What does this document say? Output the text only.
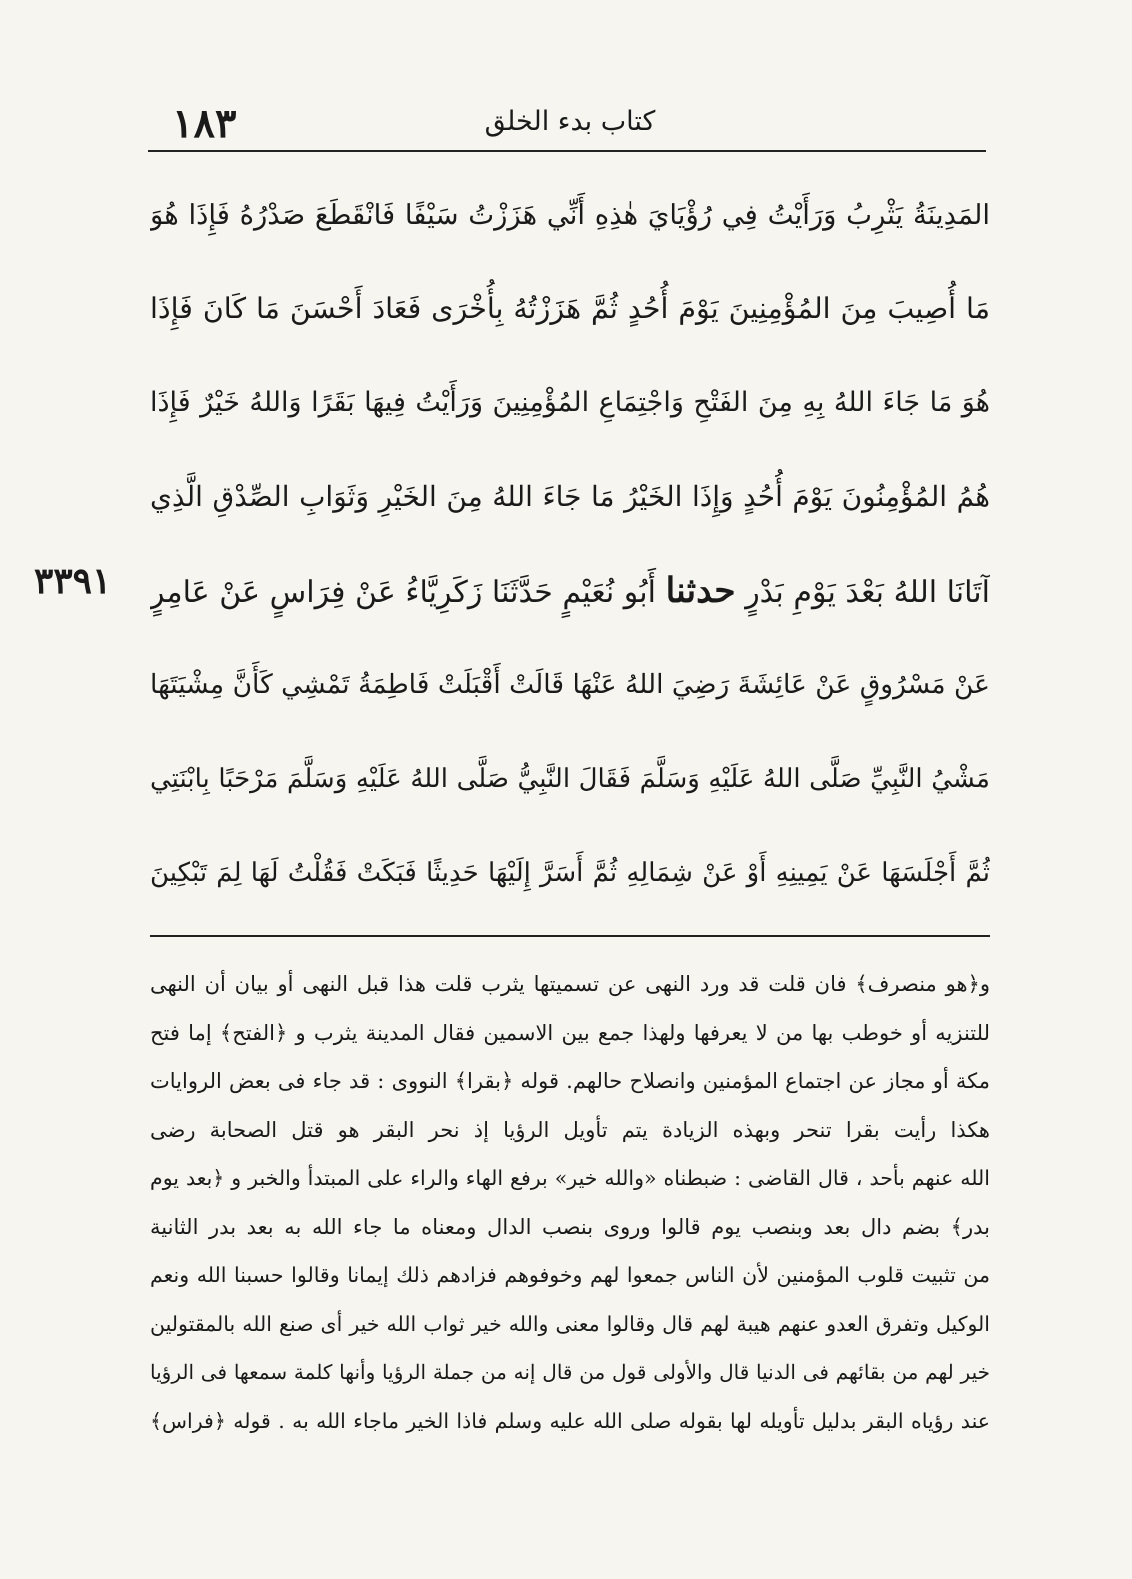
١٨٣	كتاب بدء الخلق
٣٣٩١
المَدِينَةُ يَثْرِبُ وَرَأَيْتُ فِي رُؤْيَايَ هٰذِهِ أَنِّي هَزَزْتُ سَيْفًا فَانْقَطَعَ صَدْرُهُ فَإِذَا هُوَ
مَا أُصِيبَ مِنَ المُؤْمِنِينَ يَوْمَ أُحُدٍ ثُمَّ هَزَزْتُهُ بِأُخْرَى فَعَادَ أَحْسَنَ مَا كَانَ فَإِذَا
هُوَ مَا جَاءَ اللهُ بِهِ مِنَ الفَتْحِ وَاجْتِمَاعِ المُؤْمِنِينَ وَرَأَيْتُ فِيهَا بَقَرًا وَاللهُ خَيْرٌ فَإِذَا
هُمُ المُؤْمِنُونَ يَوْمَ أُحُدٍ وَإِذَا الخَيْرُ مَا جَاءَ اللهُ مِنَ الخَيْرِ وَثَوَابِ الصِّدْقِ الَّذِي
آتَانَا اللهُ بَعْدَ يَوْمِ بَدْرٍ حدثنا أَبُو نُعَيْمٍ حَدَّثَنَا زَكَرِيَّاءُ عَنْ فِرَاسٍ عَنْ عَامِرٍ
عَنْ مَسْرُوقٍ عَنْ عَائِشَةَ رَضِيَ اللهُ عَنْهَا قَالَتْ أَقْبَلَتْ فَاطِمَةُ تَمْشِي كَأَنَّ مِشْيَتَهَا
مَشْيُ النَّبِيِّ صَلَّى اللهُ عَلَيْهِ وَسَلَّمَ فَقَالَ النَّبِيُّ صَلَّى اللهُ عَلَيْهِ وَسَلَّمَ مَرْحَبًا بِابْنَتِي
ثُمَّ أَجْلَسَهَا عَنْ يَمِينِهِ أَوْ عَنْ شِمَالِهِ ثُمَّ أَسَرَّ إِلَيْهَا حَدِيثًا فَبَكَتْ فَقُلْتُ لَهَا لِمَ تَبْكِينَ
و﴿هو منصرف﴾ فان قلت قد ورد النهى عن تسميتها يثرب قلت هذا قبل النهى أو بيان أن النهى
للتنزيه أو خوطب بها من لا يعرفها ولهذا جمع بين الاسمين فقال المدينة يثرب و ﴿الفتح﴾ إما فتح
مكة أو مجاز عن اجتماع المؤمنين وانصلاح حالهم. قوله ﴿بقرا﴾ النووى : قد جاء فى بعض الروايات
هكذا رأيت بقرا تنحر وبهذه الزيادة يتم تأويل الرؤيا إذ نحر البقر هو قتل الصحابة رضى
الله عنهم بأحد ، قال القاضى : ضبطناه «والله خير» برفع الهاء والراء على المبتدأ والخبر و ﴿بعد يوم
بدر﴾ بضم دال بعد وبنصب يوم قالوا وروى بنصب الدال ومعناه ما جاء الله به بعد بدر الثانية
من تثبيت قلوب المؤمنين لأن الناس جمعوا لهم وخوفوهم فزادهم ذلك إيمانا وقالوا حسبنا الله ونعم
الوكيل وتفرق العدو عنهم هيبة لهم قال وقالوا معنى والله خير ثواب الله خير أى صنع الله بالمقتولين
خير لهم من بقائهم فى الدنيا قال والأولى قول من قال إنه من جملة الرؤيا وأنها كلمة سمعها فى الرؤيا
عند رؤياه البقر بدليل تأويله لها بقوله صلى الله عليه وسلم فاذا الخير ماجاء الله به . قوله ﴿فراس﴾
